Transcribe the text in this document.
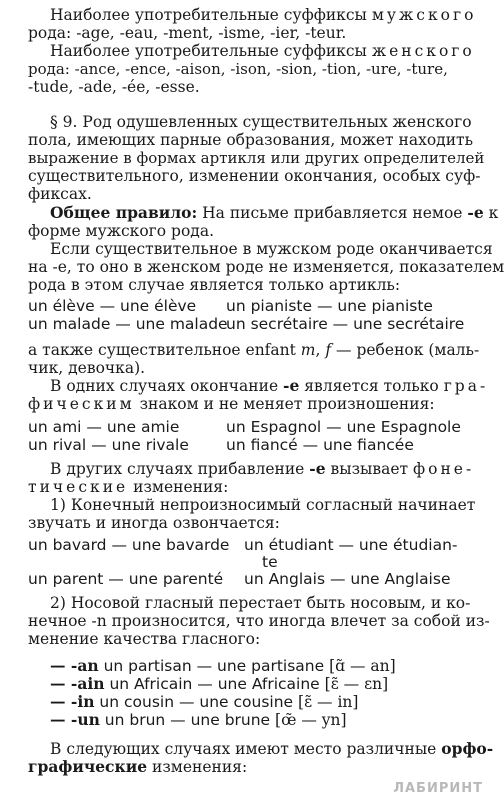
Наиболее употребительные суффиксы мужского
рода: -age, -eau, -ment, -isme, -ier, -teur.
Наиболее употребительные суффиксы женского
рода: -ance, -ence, -aison, -ison, -sion, -tion, -ure, -ture,
-tude, -ade, -ée, -esse.
§ 9. Род одушевленных существительных женского
пола, имеющих парные образования, может находить
выражение в формах артикля или других определителей
существительного, изменении окончания, особых суф-
фиксах.
Общее правило: На письме прибавляется немое -e к
форме мужского рода.
Если существительное в мужском роде оканчивается
на -e, то оно в женском роде не изменяется, показателем
рода в этом случае является только артикль:
un élève — une élève un pianiste — une pianiste
un malade — une malade
un secrétaire — une secrétaire
а также существительное enfant m, f — ребенок (маль-
чик, девочка).
В одних случаях окончание -e является только гра-
фическим знаком и не меняет произношения:
un ami — une amie	un Espagnol — une Espagnole
un rival — une rivale un fiancé — une fiancée
В других случаях прибавление -e вызывает фоне-
тические изменения:
1) Конечный непроизносимый согласный начинает
звучать и иногда озвончается:
un bavard — une bavarde un étudiant — une étudian-
te
un parent — une parenté un Anglais — une Anglaise
2) Носовой гласный перестает быть носовым, и ко-
нечное -n произносится, что иногда влечет за собой из-
менение качества гласного:
— -an un partisan — une partisane [ɑ̃ — an]
— -ain un Africain — une Africaine [ɛ̃ — ɛn]
— -in un cousin — une cousine [ɛ̃ — in]
— -un un brun — une brune [œ̃ — yn]
В следующих случаях имеют место различные орфо-
графические изменения:
ЛАБИРИНТ
